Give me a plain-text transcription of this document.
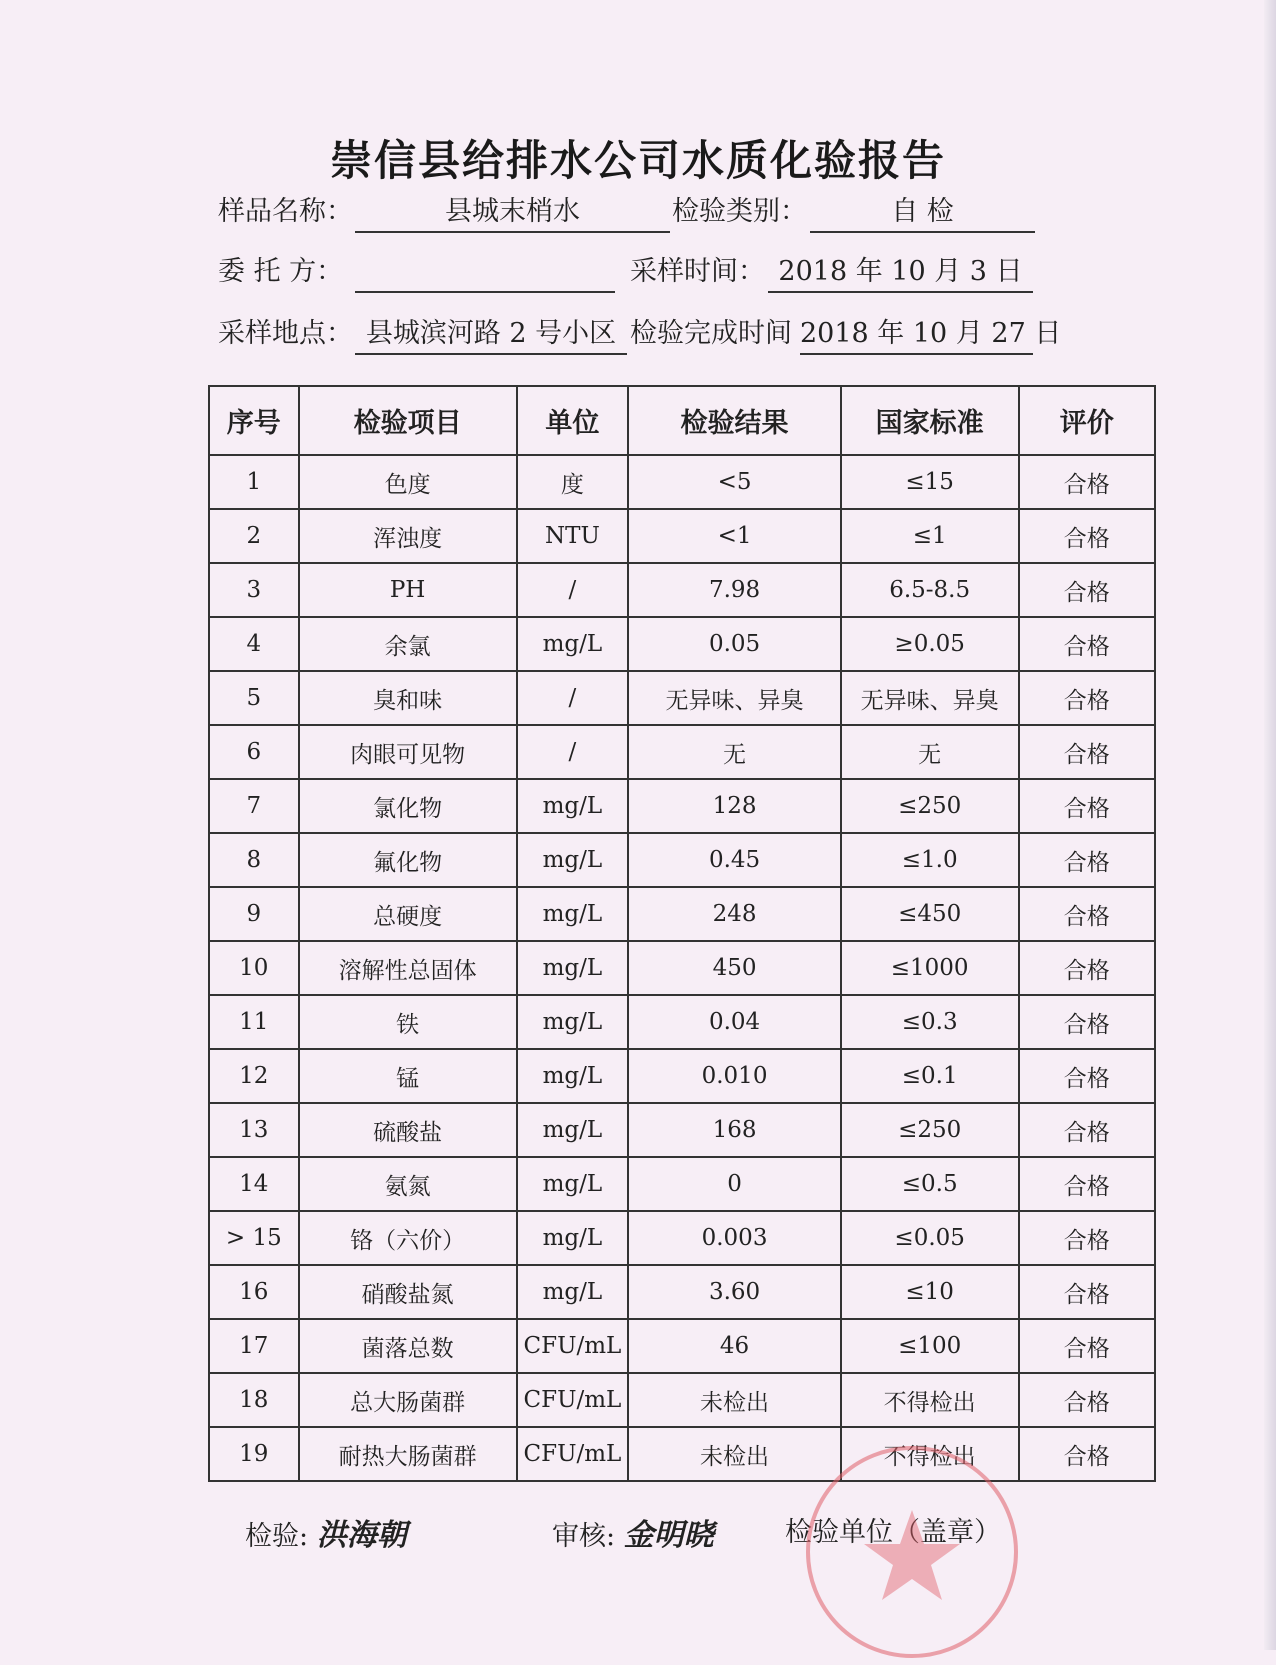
崇信县给排水公司水质化验报告
样品名称：	县城末梢水	检验类别：	自 检
委 托 方：	采样时间： 2018 年 10 月 3 日
采样地点： 县城滨河路 2 号小区 检验完成时间 2018 年 10 月 27 日
序号	检验项目	单位	检验结果	国家标准	评价
1	色度	度	<5	≤15	合格
2	浑浊度	NTU	<1	≤1	合格
3	PH	/	7.98	6.5-8.5	合格
4	余氯	mg/L	0.05	≥0.05	合格
5	臭和味	/	无异味、异臭	无异味、异臭	合格
6	肉眼可见物	/	无	无	合格
7	氯化物	mg/L	128	≤250	合格
8	氟化物	mg/L	0.45	≤1.0	合格
9	总硬度	mg/L	248	≤450	合格
10	溶解性总固体	mg/L	450	≤1000	合格
11	铁	mg/L	0.04	≤0.3	合格
12	锰	mg/L	0.010	≤0.1	合格
13	硫酸盐	mg/L	168	≤250	合格
14	氨氮	mg/L	0	≤0.5	合格
> 15	铬（六价）	mg/L	0.003	≤0.05	合格
16	硝酸盐氮	mg/L	3.60	≤10	合格
17	菌落总数	CFU/mL	46	≤100	合格
18	总大肠菌群	CFU/mL	未检出	不得检出	合格
19	耐热大肠菌群	CFU/mL	未检出	不得检出	合格
检验: 洪海朝	审核: 金明晓	检验单位（盖章）
